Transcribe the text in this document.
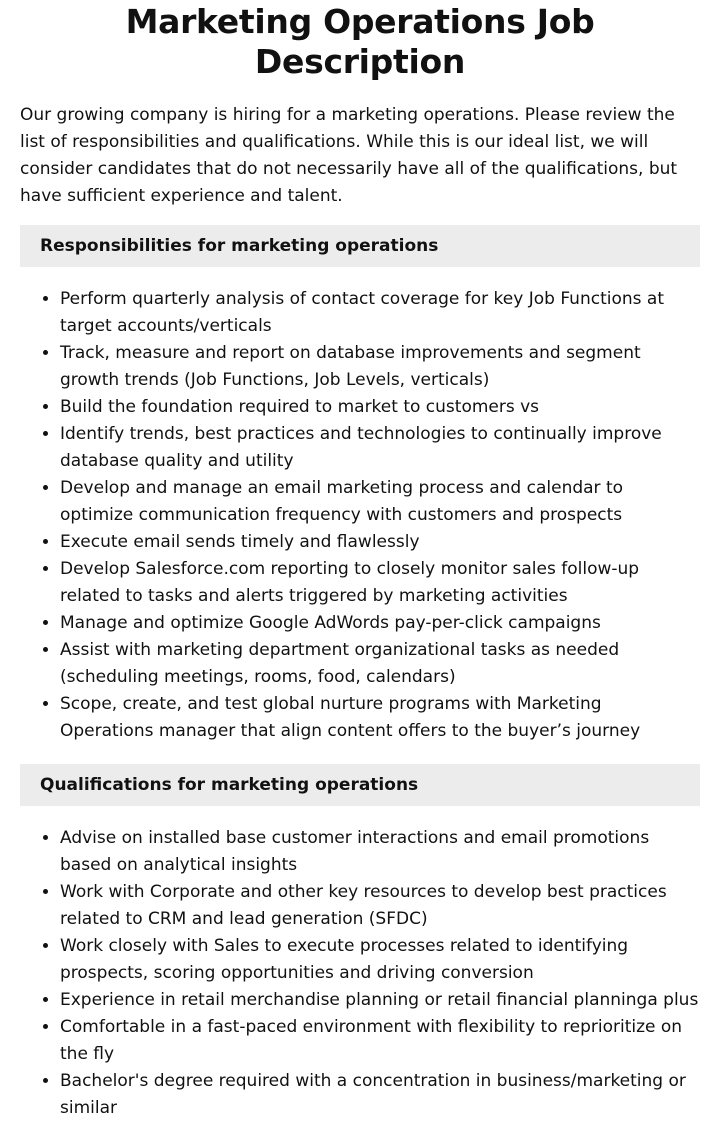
Marketing Operations Job Description

Our growing company is hiring for a marketing operations. Please review the list of responsibilities and qualifications. While this is our ideal list, we will consider candidates that do not necessarily have all of the qualifications, but have sufficient experience and talent.

Responsibilities for marketing operations
• Perform quarterly analysis of contact coverage for key Job Functions at target accounts/verticals
• Track, measure and report on database improvements and segment growth trends (Job Functions, Job Levels, verticals)
• Build the foundation required to market to customers vs
• Identify trends, best practices and technologies to continually improve database quality and utility
• Develop and manage an email marketing process and calendar to optimize communication frequency with customers and prospects
• Execute email sends timely and flawlessly
• Develop Salesforce.com reporting to closely monitor sales follow-up related to tasks and alerts triggered by marketing activities
• Manage and optimize Google AdWords pay-per-click campaigns
• Assist with marketing department organizational tasks as needed (scheduling meetings, rooms, food, calendars)
• Scope, create, and test global nurture programs with Marketing Operations manager that align content offers to the buyer’s journey
Qualifications for marketing operations
• Advise on installed base customer interactions and email promotions based on analytical insights
• Work with Corporate and other key resources to develop best practices related to CRM and lead generation (SFDC)
• Work closely with Sales to execute processes related to identifying prospects, scoring opportunities and driving conversion
• Experience in retail merchandise planning or retail financial planninga plus
• Comfortable in a fast-paced environment with flexibility to reprioritize on the fly
• Bachelor's degree required with a concentration in business/marketing or similar
